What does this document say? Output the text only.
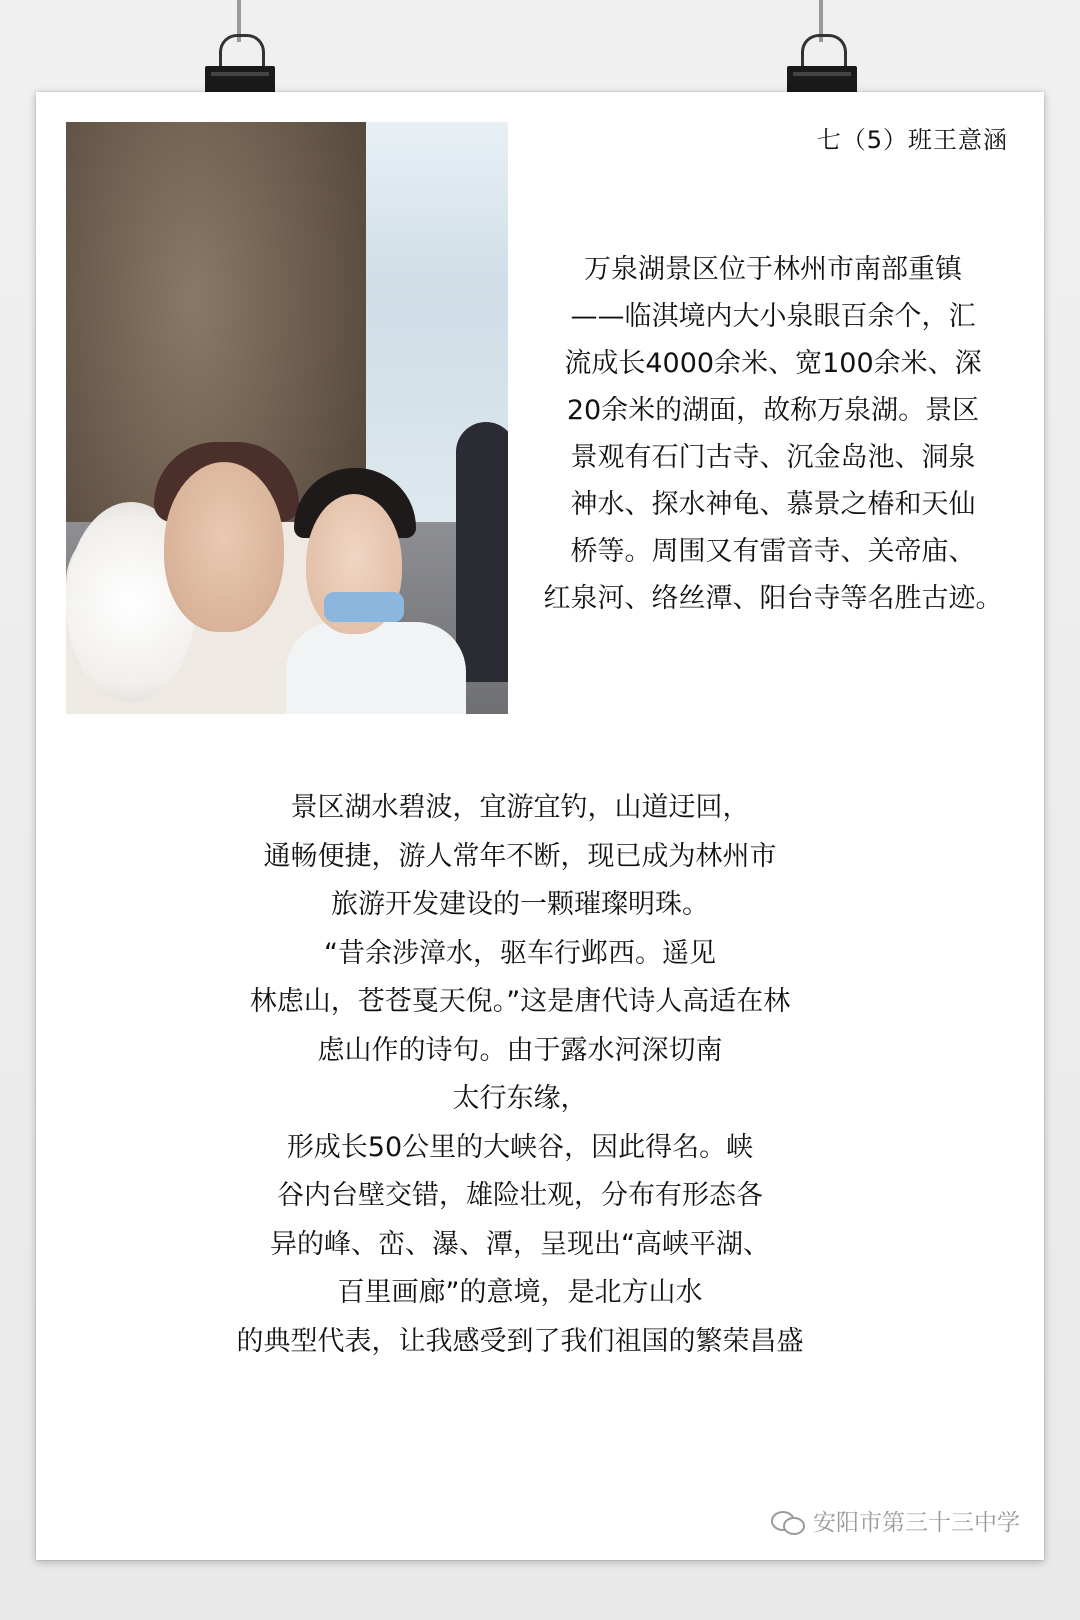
七（5）班王意涵
万泉湖景区位于林州市南部重镇
——临淇境内大小泉眼百余个，汇
流成长4000余米、宽100余米、深
20余米的湖面，故称万泉湖。景区
景观有石门古寺、沉金岛池、洞泉
神水、探水神龟、慕景之椿和天仙
桥等。周围又有雷音寺、关帝庙、
红泉河、络丝潭、阳台寺等名胜古迹。
景区湖水碧波，宜游宜钓，山道迂回，
通畅便捷，游人常年不断，现已成为林州市
旅游开发建设的一颗璀璨明珠。
“昔余涉漳水，驱车行邺西。遥见
林虑山，苍苍戛天倪。”这是唐代诗人高适在林
虑山作的诗句。由于露水河深切南
太行东缘，
形成长50公里的大峡谷，因此得名。峡
谷内台壁交错，雄险壮观，分布有形态各
异的峰、峦、瀑、潭，呈现出“高峡平湖、
百里画廊”的意境，是北方山水
的典型代表，让我感受到了我们祖国的繁荣昌盛
安阳市第三十三中学
